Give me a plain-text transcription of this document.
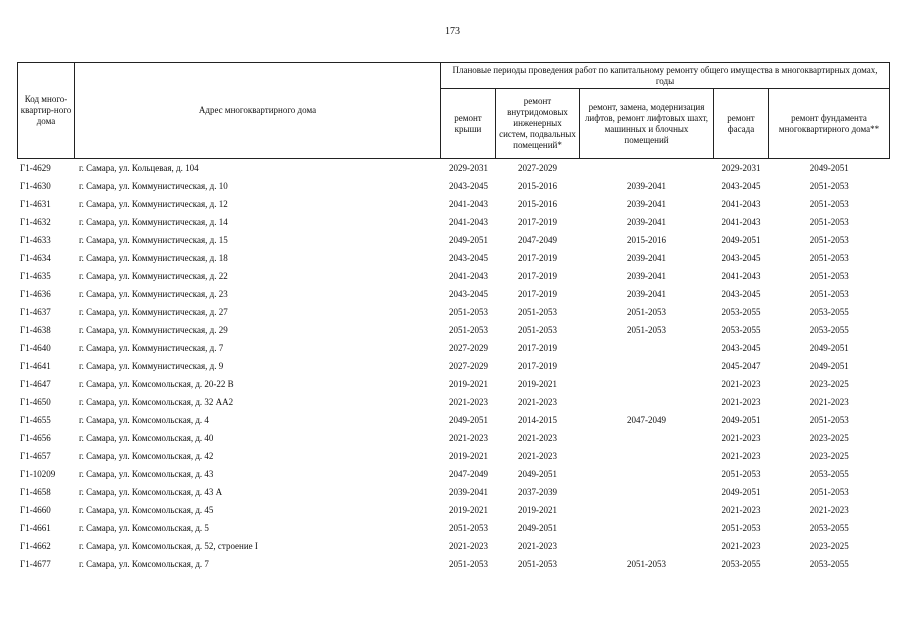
173
Код много-квартир-ного дома	Адрес многоквартирного дома	Плановые периоды проведения работ по капитальному ремонту общего имущества в многоквартирных домах, годы				
		ремонт крыши	ремонт внутридомовых инженерных систем, подвальных помещений*	ремонт, замена, модернизация лифтов, ремонт лифтовых шахт, машинных и блочных помещений	ремонт фасада	ремонт фундамента многоквартирного дома**
Г1-4629	г. Самара, ул. Кольцевая, д. 104	2029-2031	2027-2029		2029-2031	2049-2051
Г1-4630	г. Самара, ул. Коммунистическая, д. 10	2043-2045	2015-2016	2039-2041	2043-2045	2051-2053
Г1-4631	г. Самара, ул. Коммунистическая, д. 12	2041-2043	2015-2016	2039-2041	2041-2043	2051-2053
Г1-4632	г. Самара, ул. Коммунистическая, д. 14	2041-2043	2017-2019	2039-2041	2041-2043	2051-2053
Г1-4633	г. Самара, ул. Коммунистическая, д. 15	2049-2051	2047-2049	2015-2016	2049-2051	2051-2053
Г1-4634	г. Самара, ул. Коммунистическая, д. 18	2043-2045	2017-2019	2039-2041	2043-2045	2051-2053
Г1-4635	г. Самара, ул. Коммунистическая, д. 22	2041-2043	2017-2019	2039-2041	2041-2043	2051-2053
Г1-4636	г. Самара, ул. Коммунистическая, д. 23	2043-2045	2017-2019	2039-2041	2043-2045	2051-2053
Г1-4637	г. Самара, ул. Коммунистическая, д. 27	2051-2053	2051-2053	2051-2053	2053-2055	2053-2055
Г1-4638	г. Самара, ул. Коммунистическая, д. 29	2051-2053	2051-2053	2051-2053	2053-2055	2053-2055
Г1-4640	г. Самара, ул. Коммунистическая, д. 7	2027-2029	2017-2019		2043-2045	2049-2051
Г1-4641	г. Самара, ул. Коммунистическая, д. 9	2027-2029	2017-2019		2045-2047	2049-2051
Г1-4647	г. Самара, ул. Комсомольская, д. 20-22 В	2019-2021	2019-2021		2021-2023	2023-2025
Г1-4650	г. Самара, ул. Комсомольская, д. 32 АА2	2021-2023	2021-2023		2021-2023	2021-2023
Г1-4655	г. Самара, ул. Комсомольская, д. 4	2049-2051	2014-2015	2047-2049	2049-2051	2051-2053
Г1-4656	г. Самара, ул. Комсомольская, д. 40	2021-2023	2021-2023		2021-2023	2023-2025
Г1-4657	г. Самара, ул. Комсомольская, д. 42	2019-2021	2021-2023		2021-2023	2023-2025
Г1-10209	г. Самара, ул. Комсомольская, д. 43	2047-2049	2049-2051		2051-2053	2053-2055
Г1-4658	г. Самара, ул. Комсомольская, д. 43 А	2039-2041	2037-2039		2049-2051	2051-2053
Г1-4660	г. Самара, ул. Комсомольская, д. 45	2019-2021	2019-2021		2021-2023	2021-2023
Г1-4661	г. Самара, ул. Комсомольская, д. 5	2051-2053	2049-2051		2051-2053	2053-2055
Г1-4662	г. Самара, ул. Комсомольская, д. 52, строение I	2021-2023	2021-2023		2021-2023	2023-2025
Г1-4677	г. Самара, ул. Комсомольская, д. 7	2051-2053	2051-2053	2051-2053	2053-2055	2053-2055
